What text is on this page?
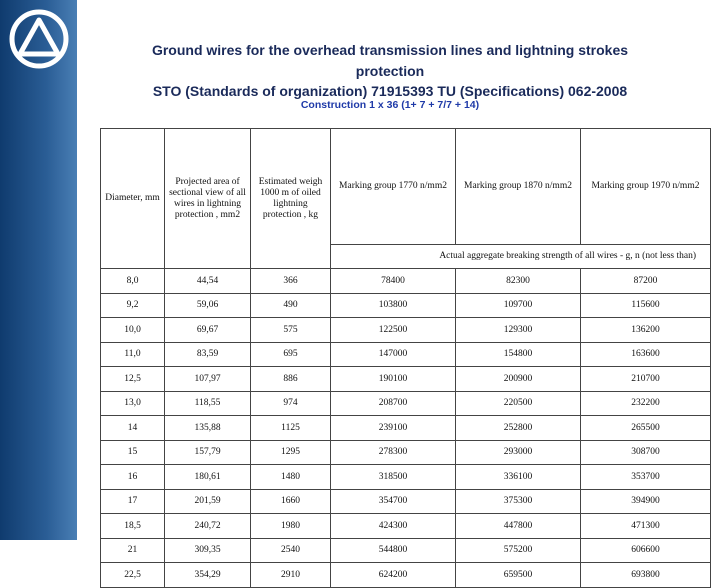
Ground wires for the overhead transmission lines and lightning strokes
protection
STO (Standards of organization) 71915393 TU (Specifications) 062-2008
Construction 1 x 36 (1+ 7 + 7/7 + 14)
Diameter, mm	Projected area of sectional view of all wires in lightning protection , mm2	Estimated weigh 1000 m of oiled lightning protection , kg	Marking group 1770 n/mm2	Marking group 1870 n/mm2	Marking group 1970 n/mm2
			Actual aggregate breaking strength of all wires - g, n (not less than)		
8,0	44,54	366	78400	82300	87200
9,2	59,06	490	103800	109700	115600
10,0	69,67	575	122500	129300	136200
11,0	83,59	695	147000	154800	163600
12,5	107,97	886	190100	200900	210700
13,0	118,55	974	208700	220500	232200
14	135,88	1125	239100	252800	265500
15	157,79	1295	278300	293000	308700
16	180,61	1480	318500	336100	353700
17	201,59	1660	354700	375300	394900
18,5	240,72	1980	424300	447800	471300
21	309,35	2540	544800	575200	606600
22,5	354,29	2910	624200	659500	693800
